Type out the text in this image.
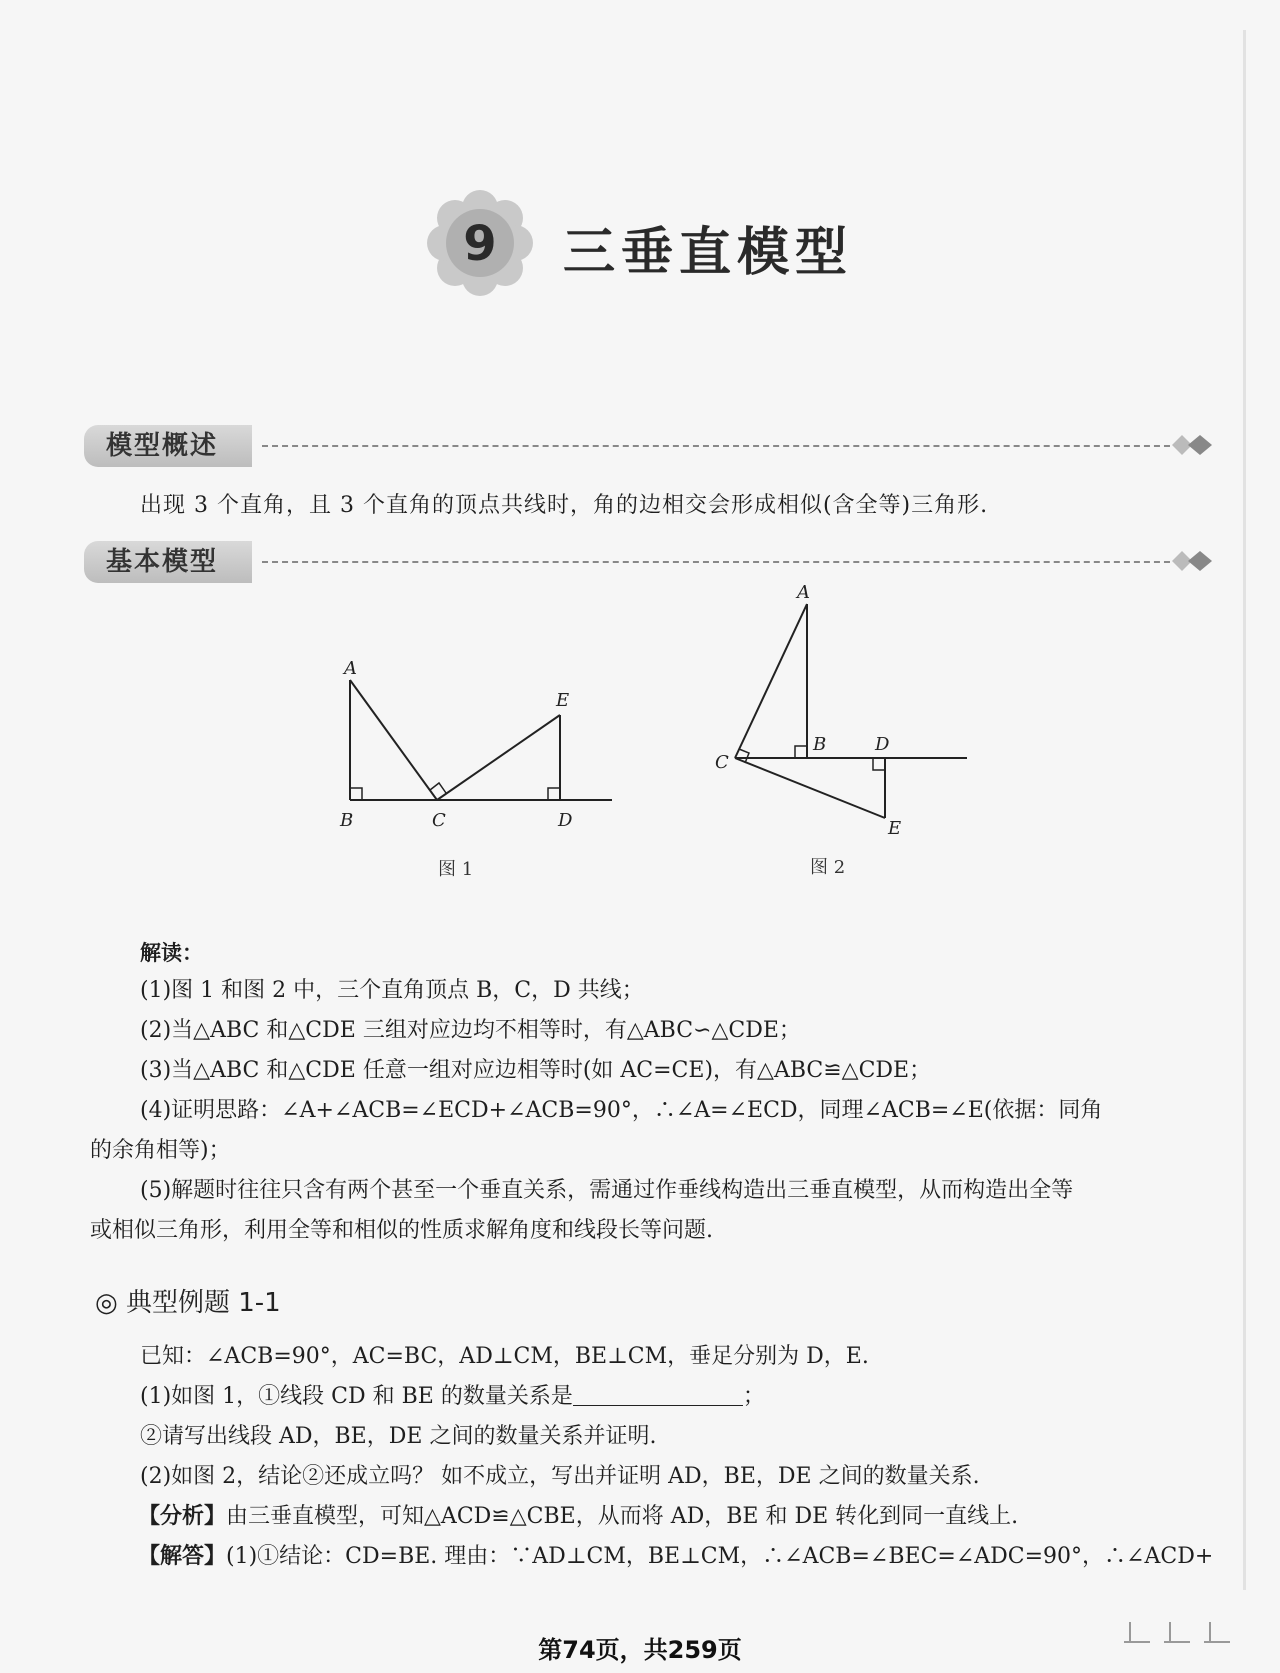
9 三垂直模型
模型概述
出现 3 个直角，且 3 个直角的顶点共线时，角的边相交会形成相似(含全等)三角形.
基本模型
A
B	C	D
E
图 1
A
B
C
D
E
图 2
解读：
(1)图 1 和图 2 中，三个直角顶点 B，C，D 共线；
(2)当△ABC 和△CDE 三组对应边均不相等时，有△ABC∽△CDE；
(3)当△ABC 和△CDE 任意一组对应边相等时(如 AC=CE)，有△ABC≌△CDE；
(4)证明思路：∠A+∠ACB=∠ECD+∠ACB=90°，∴∠A=∠ECD，同理∠ACB=∠E(依据：同角
的余角相等)；
(5)解题时往往只含有两个甚至一个垂直关系，需通过作垂线构造出三垂直模型，从而构造出全等
或相似三角形，利用全等和相似的性质求解角度和线段长等问题.
◎ 典型例题 1-1
已知：∠ACB=90°，AC=BC，AD⊥CM，BE⊥CM，垂足分别为 D，E.
(1)如图 1，①线段 CD 和 BE 的数量关系是	；
②请写出线段 AD，BE，DE 之间的数量关系并证明.
(2)如图 2，结论②还成立吗？ 如不成立，写出并证明 AD，BE，DE 之间的数量关系.
【分析】由三垂直模型，可知△ACD≌△CBE，从而将 AD，BE 和 DE 转化到同一直线上.
【解答】(1)①结论：CD=BE. 理由：∵AD⊥CM，BE⊥CM，∴∠ACB=∠BEC=∠ADC=90°，∴∠ACD+
第74页，共259页
